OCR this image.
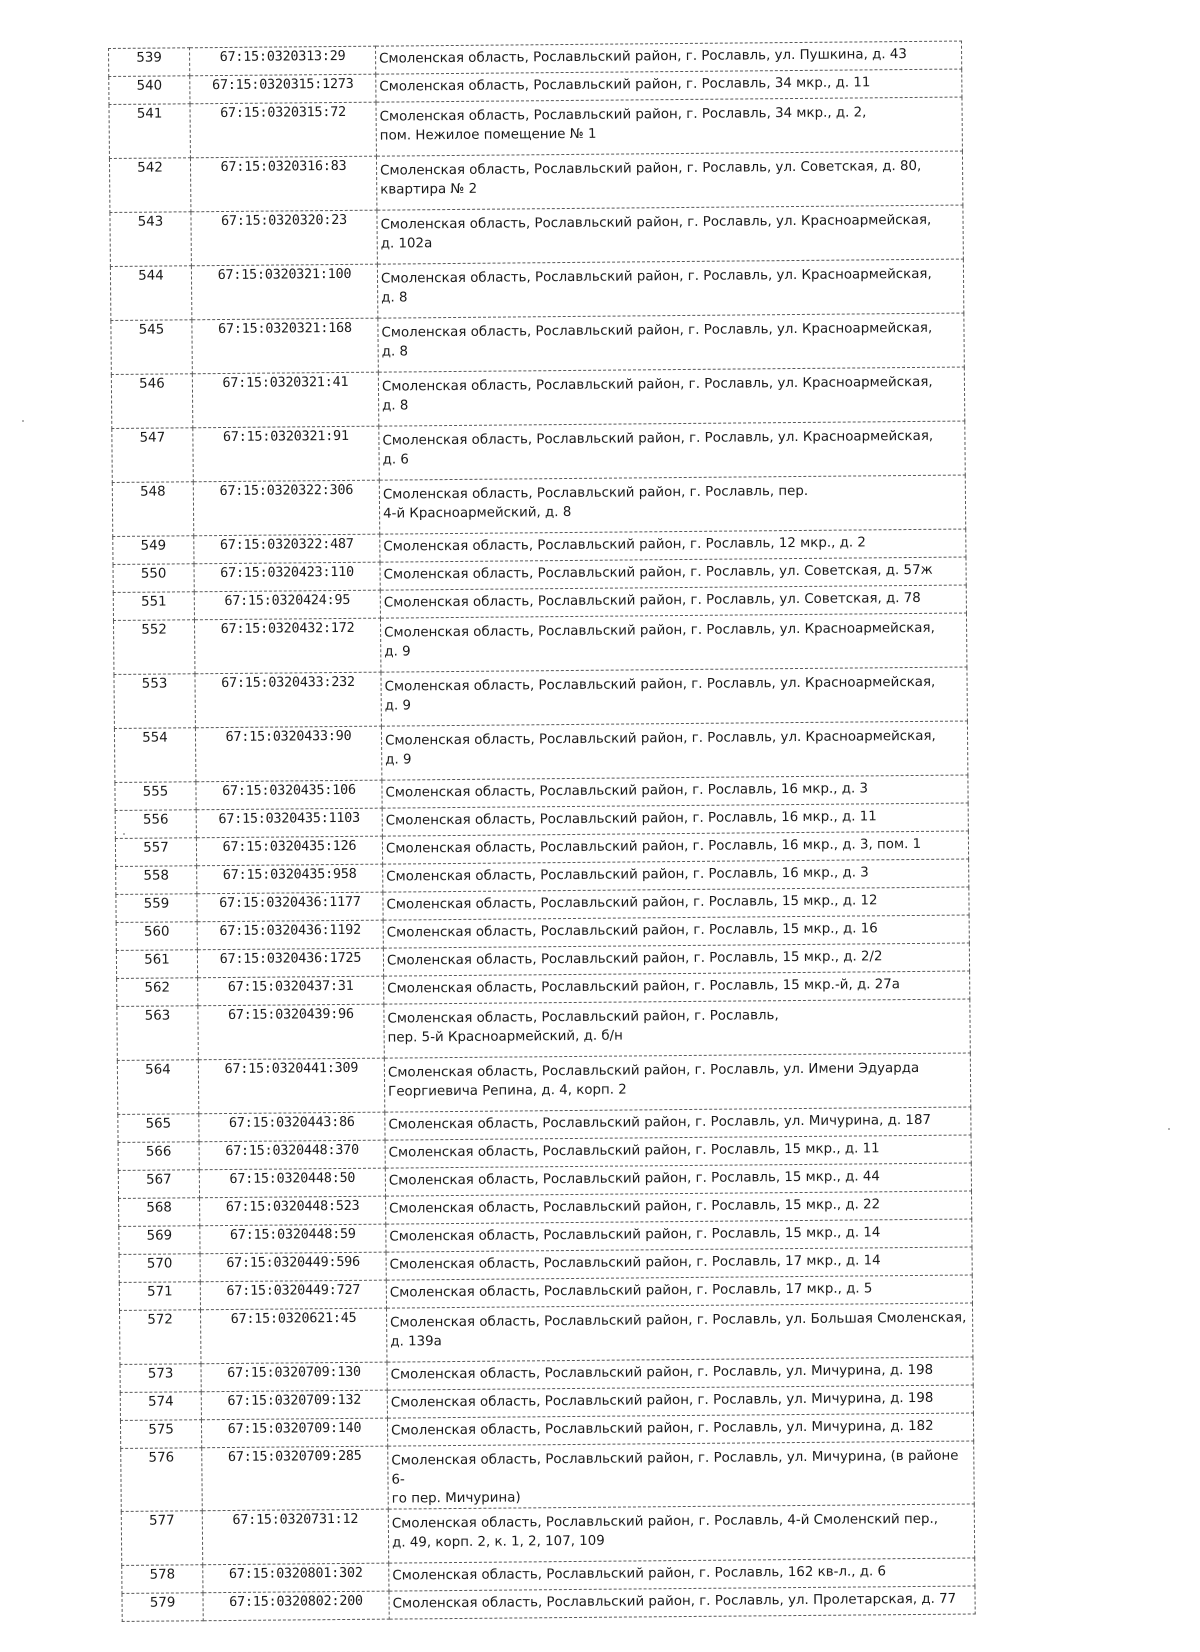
539	67:15:0320313:29	Смоленская область, Рославльский район, г. Рославль, ул. Пушкина, д. 43
540	67:15:0320315:1273	Смоленская область, Рославльский район, г. Рославль, 34 мкр., д. 11
541	67:15:0320315:72	Смоленская область, Рославльский район, г. Рославль, 34 мкр., д. 2,
пом. Нежилое помещение № 1
542	67:15:0320316:83	Смоленская область, Рославльский район, г. Рославль, ул. Советская, д. 80,
квартира № 2
543	67:15:0320320:23	Смоленская область, Рославльский район, г. Рославль, ул. Красноармейская,
д. 102а
544	67:15:0320321:100	Смоленская область, Рославльский район, г. Рославль, ул. Красноармейская,
д. 8
545	67:15:0320321:168	Смоленская область, Рославльский район, г. Рославль, ул. Красноармейская,
д. 8
546	67:15:0320321:41	Смоленская область, Рославльский район, г. Рославль, ул. Красноармейская,
д. 8
547	67:15:0320321:91	Смоленская область, Рославльский район, г. Рославль, ул. Красноармейская,
д. 6
548	67:15:0320322:306	Смоленская область, Рославльский район, г. Рославль, пер.
4-й Красноармейский, д. 8
549	67:15:0320322:487	Смоленская область, Рославльский район, г. Рославль, 12 мкр., д. 2
550	67:15:0320423:110	Смоленская область, Рославльский район, г. Рославль, ул. Советская, д. 57ж
551	67:15:0320424:95	Смоленская область, Рославльский район, г. Рославль, ул. Советская, д. 78
552	67:15:0320432:172	Смоленская область, Рославльский район, г. Рославль, ул. Красноармейская,
д. 9
553	67:15:0320433:232	Смоленская область, Рославльский район, г. Рославль, ул. Красноармейская,
д. 9
554	67:15:0320433:90	Смоленская область, Рославльский район, г. Рославль, ул. Красноармейская,
д. 9
555	67:15:0320435:106	Смоленская область, Рославльский район, г. Рославль, 16 мкр., д. 3
556	67:15:0320435:1103	Смоленская область, Рославльский район, г. Рославль, 16 мкр., д. 11
557	67:15:0320435:126	Смоленская область, Рославльский район, г. Рославль, 16 мкр., д. 3, пом. 1
558	67:15:0320435:958	Смоленская область, Рославльский район, г. Рославль, 16 мкр., д. 3
559	67:15:0320436:1177	Смоленская область, Рославльский район, г. Рославль, 15 мкр., д. 12
560	67:15:0320436:1192	Смоленская область, Рославльский район, г. Рославль, 15 мкр., д. 16
561	67:15:0320436:1725	Смоленская область, Рославльский район, г. Рославль, 15 мкр., д. 2/2
562	67:15:0320437:31	Смоленская область, Рославльский район, г. Рославль, 15 мкр.-й, д. 27а
563	67:15:0320439:96	Смоленская область, Рославльский район, г. Рославль,
пер. 5-й Красноармейский, д. б/н
564	67:15:0320441:309	Смоленская область, Рославльский район, г. Рославль, ул. Имени Эдуарда
Георгиевича Репина, д. 4, корп. 2
565	67:15:0320443:86	Смоленская область, Рославльский район, г. Рославль, ул. Мичурина, д. 187
566	67:15:0320448:370	Смоленская область, Рославльский район, г. Рославль, 15 мкр., д. 11
567	67:15:0320448:50	Смоленская область, Рославльский район, г. Рославль, 15 мкр., д. 44
568	67:15:0320448:523	Смоленская область, Рославльский район, г. Рославль, 15 мкр., д. 22
569	67:15:0320448:59	Смоленская область, Рославльский район, г. Рославль, 15 мкр., д. 14
570	67:15:0320449:596	Смоленская область, Рославльский район, г. Рославль, 17 мкр., д. 14
571	67:15:0320449:727	Смоленская область, Рославльский район, г. Рославль, 17 мкр., д. 5
572	67:15:0320621:45	Смоленская область, Рославльский район, г. Рославль, ул. Большая Смоленская,
д. 139а
573	67:15:0320709:130	Смоленская область, Рославльский район, г. Рославль, ул. Мичурина, д. 198
574	67:15:0320709:132	Смоленская область, Рославльский район, г. Рославль, ул. Мичурина, д. 198
575	67:15:0320709:140	Смоленская область, Рославльский район, г. Рославль, ул. Мичурина, д. 182
576	67:15:0320709:285	Смоленская область, Рославльский район, г. Рославль, ул. Мичурина, (в районе 6-
го пер. Мичурина)
577	67:15:0320731:12	Смоленская область, Рославльский район, г. Рославль, 4-й Смоленский пер.,
д. 49, корп. 2, к. 1, 2, 107, 109
578	67:15:0320801:302	Смоленская область, Рославльский район, г. Рославль, 162 кв-л., д. 6
579	67:15:0320802:200	Смоленская область, Рославльский район, г. Рославль, ул. Пролетарская, д. 77
